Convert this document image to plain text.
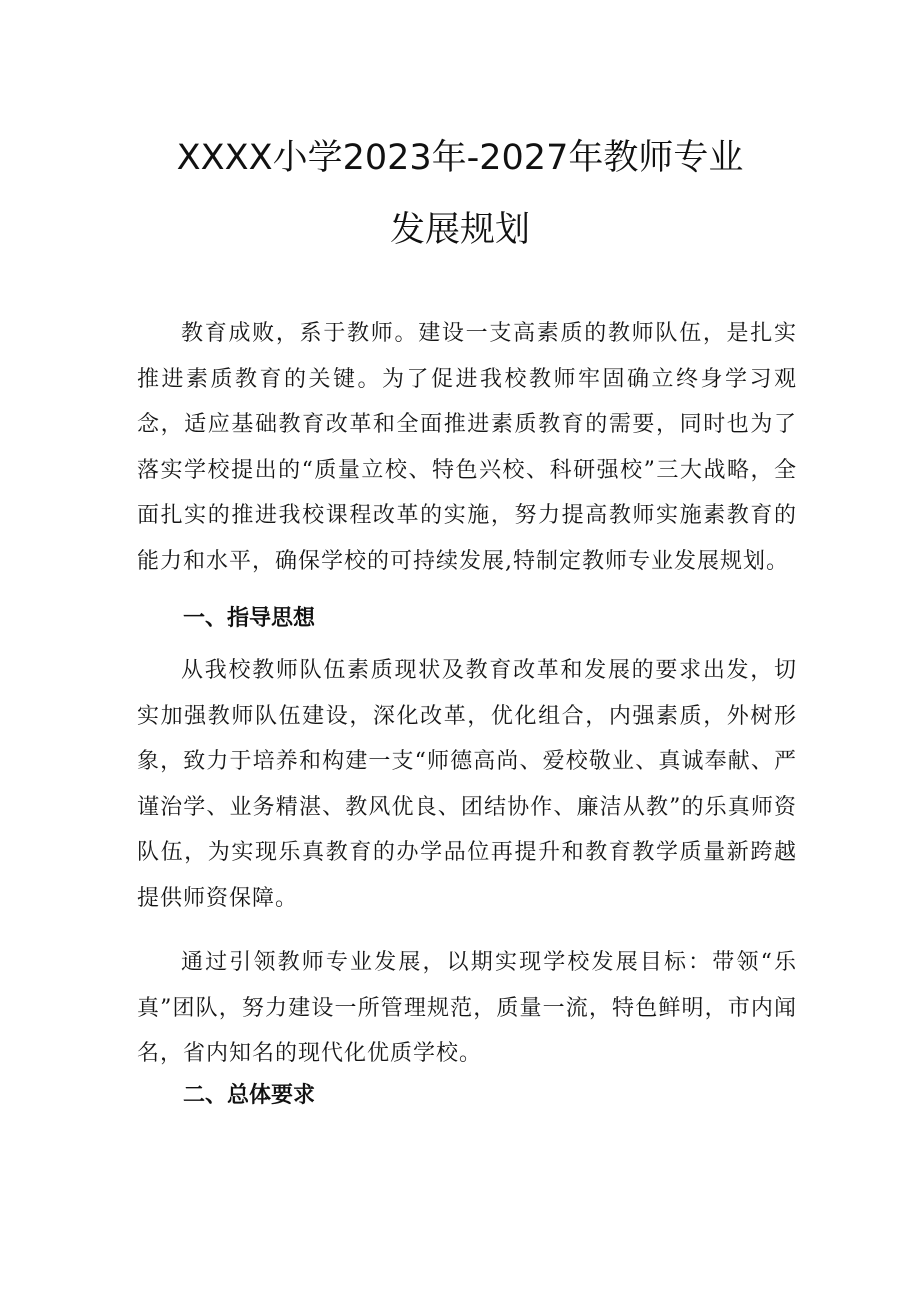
XXXX小学2023年-2027年教师专业
发展规划

教育成败，系于教师。建设一支高素质的教师队伍，是扎实推进素质教育的关键。为了促进我校教师牢固确立终身学习观念，适应基础教育改革和全面推进素质教育的需要，同时也为了落实学校提出的“质量立校、特色兴校、科研强校”三大战略，全面扎实的推进我校课程改革的实施，努力提高教师实施素教育的能力和水平，确保学校的可持续发展,特制定教师专业发展规划。

一、指导思想

从我校教师队伍素质现状及教育改革和发展的要求出发，切实加强教师队伍建设，深化改革，优化组合，内强素质，外树形象，致力于培养和构建一支“师德高尚、爱校敬业、真诚奉献、严谨治学、业务精湛、教风优良、团结协作、廉洁从教”的乐真师资队伍，为实现乐真教育的办学品位再提升和教育教学质量新跨越提供师资保障。

通过引领教师专业发展，以期实现学校发展目标：带领“乐真”团队，努力建设一所管理规范，质量一流，特色鲜明，市内闻名，省内知名的现代化优质学校。

二、总体要求
